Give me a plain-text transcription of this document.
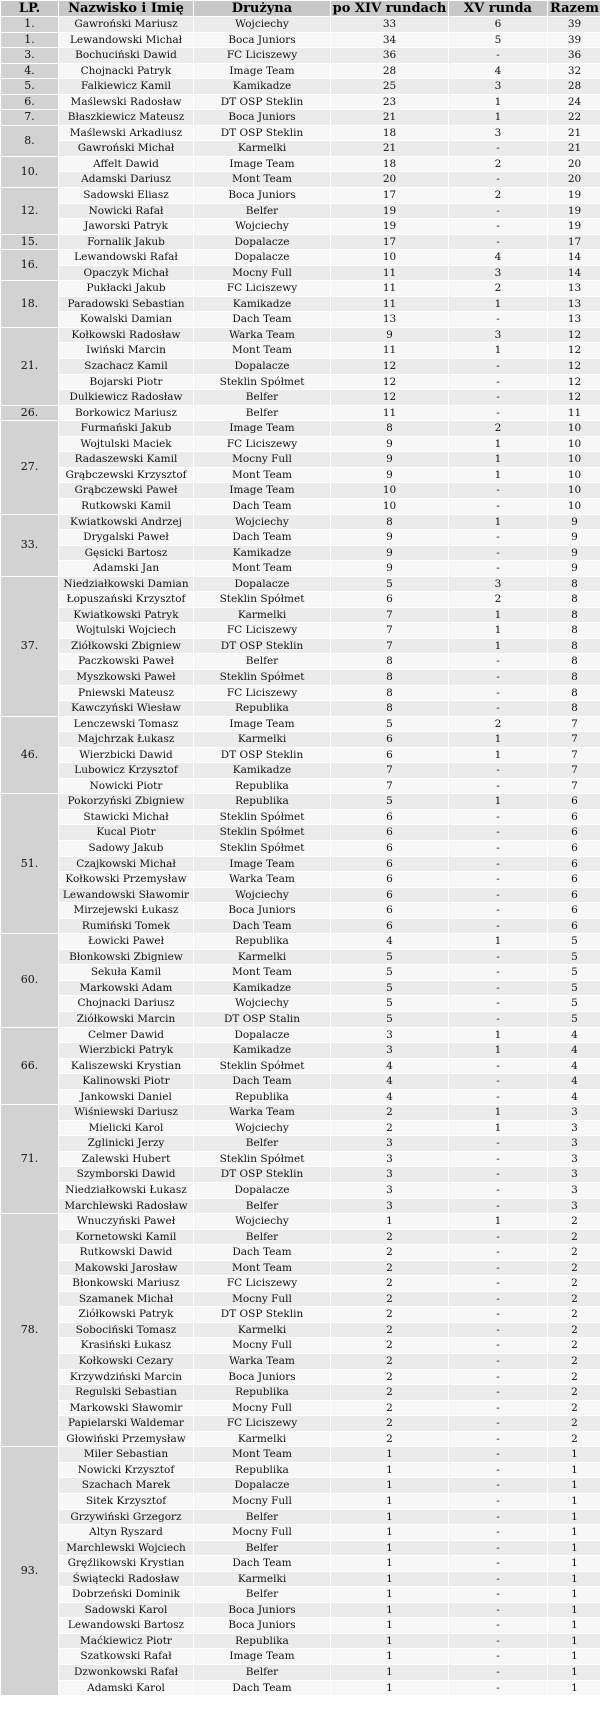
LP.	Nazwisko i Imię	Drużyna	po XIV rundach	XV runda	Razem
1.	Gawroński Mariusz	Wojciechy	33	6	39
1.	Lewandowski Michał	Boca Juniors	34	5	39
3.	Bochuciński Dawid	FC Liciszewy	36	-	36
4.	Chojnacki Patryk	Image Team	28	4	32
5.	Falkiewicz Kamil	Kamikadze	25	3	28
6.	Maślewski Radosław	DT OSP Steklin	23	1	24
7.	Błaszkiewicz Mateusz	Boca Juniors	21	1	22
8.	Maślewski Arkadiusz	DT OSP Steklin	18	3	21
	Gawroński Michał	Karmelki	21	-	21
10.	Affelt Dawid	Image Team	18	2	20
	Adamski Dariusz	Mont Team	20	-	20
12.	Sadowski Eliasz	Boca Juniors	17	2	19
	Nowicki Rafał	Belfer	19	-	19
	Jaworski Patryk	Wojciechy	19	-	19
15.	Fornalik Jakub	Dopalacze	17	-	17
16.	Lewandowski Rafał	Dopalacze	10	4	14
	Opaczyk Michał	Mocny Full	11	3	14
18.	Pukłacki Jakub	FC Liciszewy	11	2	13
	Paradowski Sebastian	Kamikadze	11	1	13
	Kowalski Damian	Dach Team	13	-	13
21.	Kołkowski Radosław	Warka Team	9	3	12
	Iwiński Marcin	Mont Team	11	1	12
	Szachacz Kamil	Dopalacze	12	-	12
	Bojarski Piotr	Steklin Spółmet	12	-	12
	Dulkiewicz Radosław	Belfer	12	-	12
26.	Borkowicz Mariusz	Belfer	11	-	11
27.	Furmański Jakub	Image Team	8	2	10
	Wojtulski Maciek	FC Liciszewy	9	1	10
	Radaszewski Kamil	Mocny Full	9	1	10
	Grąbczewski Krzysztof	Mont Team	9	1	10
	Grąbczewski Paweł	Image Team	10	-	10
	Rutkowski Kamil	Dach Team	10	-	10
33.	Kwiatkowski Andrzej	Wojciechy	8	1	9
	Drygalski Paweł	Dach Team	9	-	9
	Gęsicki Bartosz	Kamikadze	9	-	9
	Adamski Jan	Mont Team	9	-	9
37.	Niedziałkowski Damian	Dopalacze	5	3	8
	Łopuszański Krzysztof	Steklin Spółmet	6	2	8
	Kwiatkowski Patryk	Karmelki	7	1	8
	Wojtulski Wojciech	FC Liciszewy	7	1	8
	Ziółkowski Zbigniew	DT OSP Steklin	7	1	8
	Paczkowski Paweł	Belfer	8	-	8
	Myszkowski Paweł	Steklin Spółmet	8	-	8
	Pniewski Mateusz	FC Liciszewy	8	-	8
	Kawczyński Wiesław	Republika	8	-	8
46.	Lenczewski Tomasz	Image Team	5	2	7
	Majchrzak Łukasz	Karmelki	6	1	7
	Wierzbicki Dawid	DT OSP Steklin	6	1	7
	Lubowicz Krzysztof	Kamikadze	7	-	7
	Nowicki Piotr	Republika	7	-	7
51.	Pokorzyński Zbigniew	Republika	5	1	6
	Stawicki Michał	Steklin Spółmet	6	-	6
	Kucal Piotr	Steklin Spółmet	6	-	6
	Sadowy Jakub	Steklin Spółmet	6	-	6
	Czajkowski Michał	Image Team	6	-	6
	Kołkowski Przemysław	Warka Team	6	-	6
	Lewandowski Sławomir	Wojciechy	6	-	6
	Mirzejewski Łukasz	Boca Juniors	6	-	6
	Rumiński Tomek	Dach Team	6	-	6
60.	Łowicki Paweł	Republika	4	1	5
	Błonkowski Zbigniew	Karmelki	5	-	5
	Sekuła Kamil	Mont Team	5	-	5
	Markowski Adam	Kamikadze	5	-	5
	Chojnacki Dariusz	Wojciechy	5	-	5
	Ziółkowski Marcin	DT OSP Stalin	5	-	5
66.	Celmer Dawid	Dopalacze	3	1	4
	Wierzbicki Patryk	Kamikadze	3	1	4
	Kaliszewski Krystian	Steklin Spółmet	4	-	4
	Kalinowski Piotr	Dach Team	4	-	4
	Jankowski Daniel	Republika	4	-	4
71.	Wiśniewski Dariusz	Warka Team	2	1	3
	Mielicki Karol	Wojciechy	2	1	3
	Zglinicki Jerzy	Belfer	3	-	3
	Zalewski Hubert	Steklin Spółmet	3	-	3
	Szymborski Dawid	DT OSP Steklin	3	-	3
	Niedziałkowski Łukasz	Dopalacze	3	-	3
	Marchlewski Radosław	Belfer	3	-	3
78.	Wnuczyński Paweł	Wojciechy	1	1	2
	Kornetowski Kamil	Belfer	2	-	2
	Rutkowski Dawid	Dach Team	2	-	2
	Makowski Jarosław	Mont Team	2	-	2
	Błonkowski Mariusz	FC Liciszewy	2	-	2
	Szamanek Michał	Mocny Full	2	-	2
	Ziółkowski Patryk	DT OSP Steklin	2	-	2
	Sobociński Tomasz	Karmelki	2	-	2
	Krasiński Łukasz	Mocny Full	2	-	2
	Kołkowski Cezary	Warka Team	2	-	2
	Krzywdziński Marcin	Boca Juniors	2	-	2
	Regulski Sebastian	Republika	2	-	2
	Markowski Sławomir	Mocny Full	2	-	2
	Papielarski Waldemar	FC Liciszewy	2	-	2
	Głowiński Przemysław	Karmelki	2	-	2
93.	Miler Sebastian	Mont Team	1	-	1
	Nowicki Krzysztof	Republika	1	-	1
	Szachach Marek	Dopalacze	1	-	1
	Sitek Krzysztof	Mocny Full	1	-	1
	Grzywiński Grzegorz	Belfer	1	-	1
	Altyn Ryszard	Mocny Full	1	-	1
	Marchlewski Wojciech	Belfer	1	-	1
	Gręźlikowski Krystian	Dach Team	1	-	1
	Świątecki Radosław	Karmelki	1	-	1
	Dobrzeński Dominik	Belfer	1	-	1
	Sadowski Karol	Boca Juniors	1	-	1
	Lewandowski Bartosz	Boca Juniors	1	-	1
	Maćkiewicz Piotr	Republika	1	-	1
	Szatkowski Rafał	Image Team	1	-	1
	Dzwonkowski Rafał	Belfer	1	-	1
	Adamski Karol	Dach Team	1	-	1
